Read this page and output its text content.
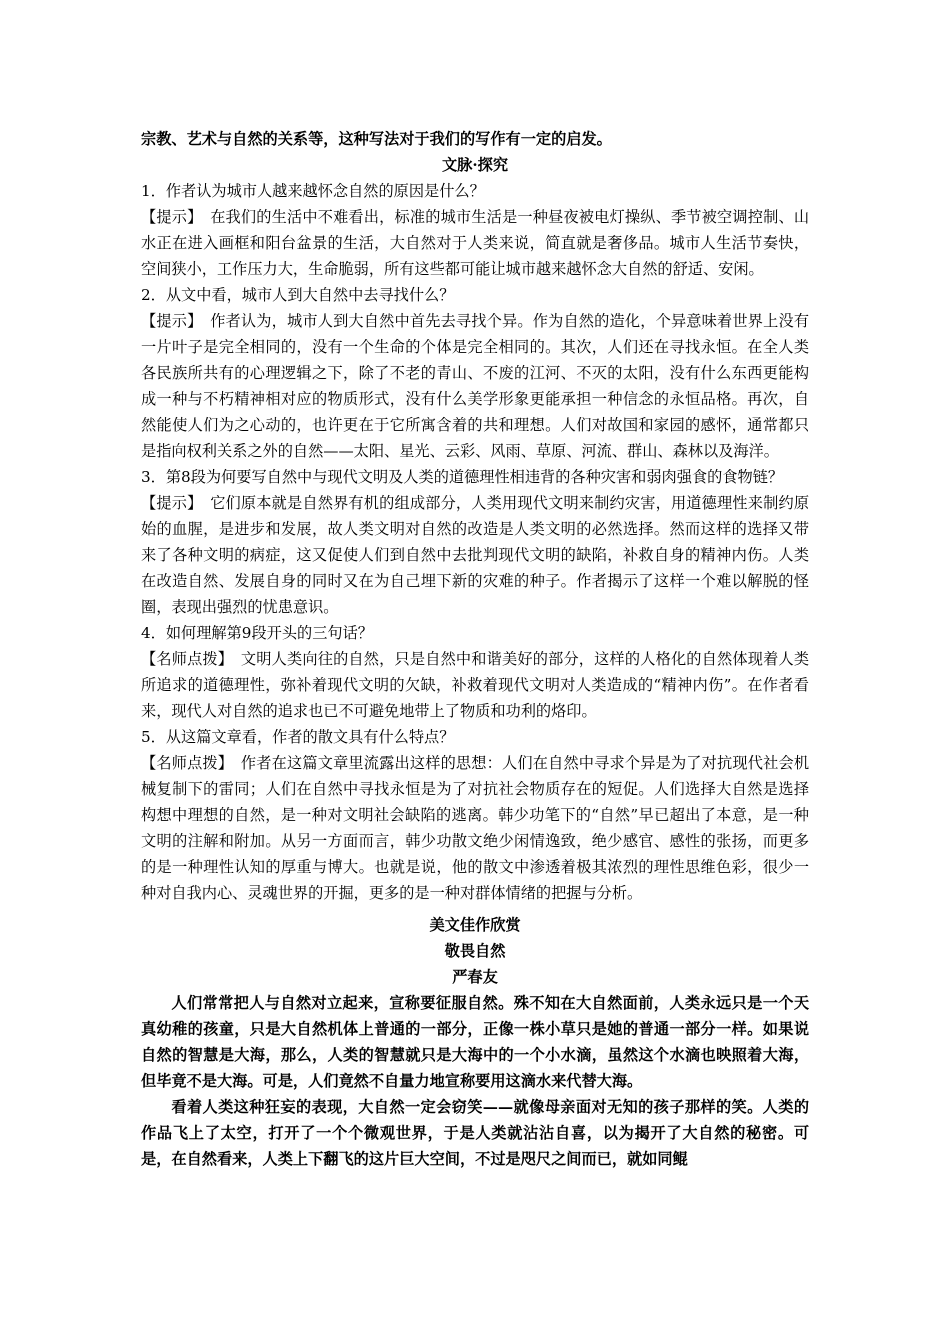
宗教、艺术与自然的关系等，这种写法对于我们的写作有一定的启发。

文脉·探究

1．作者认为城市人越来越怀念自然的原因是什么？

【提示】　在我们的生活中不难看出，标准的城市生活是一种昼夜被电灯操纵、季节被空调控制、山水正在进入画框和阳台盆景的生活，大自然对于人类来说，简直就是奢侈品。城市人生活节奏快，空间狭小，工作压力大，生命脆弱，所有这些都可能让城市越来越怀念大自然的舒适、安闲。

2．从文中看，城市人到大自然中去寻找什么？

【提示】　作者认为，城市人到大自然中首先去寻找个异。作为自然的造化，个异意味着世界上没有一片叶子是完全相同的，没有一个生命的个体是完全相同的。其次，人们还在寻找永恒。在全人类各民族所共有的心理逻辑之下，除了不老的青山、不废的江河、不灭的太阳，没有什么东西更能构成一种与不朽精神相对应的物质形式，没有什么美学形象更能承担一种信念的永恒品格。再次，自然能使人们为之心动的，也许更在于它所寓含着的共和理想。人们对故国和家园的感怀，通常都只是指向权利关系之外的自然——太阳、星光、云彩、风雨、草原、河流、群山、森林以及海洋。

3．第8段为何要写自然中与现代文明及人类的道德理性相违背的各种灾害和弱肉强食的食物链？

【提示】　它们原本就是自然界有机的组成部分，人类用现代文明来制约灾害，用道德理性来制约原始的血腥，是进步和发展，故人类文明对自然的改造是人类文明的必然选择。然而这样的选择又带来了各种文明的病症，这又促使人们到自然中去批判现代文明的缺陷，补救自身的精神内伤。人类在改造自然、发展自身的同时又在为自己埋下新的灾难的种子。作者揭示了这样一个难以解脱的怪圈，表现出强烈的忧患意识。

4．如何理解第9段开头的三句话？

【名师点拨】　文明人类向往的自然，只是自然中和谐美好的部分，这样的人格化的自然体现着人类所追求的道德理性，弥补着现代文明的欠缺，补救着现代文明对人类造成的“精神内伤”。在作者看来，现代人对自然的追求也已不可避免地带上了物质和功利的烙印。

5．从这篇文章看，作者的散文具有什么特点？

【名师点拨】　作者在这篇文章里流露出这样的思想：人们在自然中寻求个异是为了对抗现代社会机械复制下的雷同；人们在自然中寻找永恒是为了对抗社会物质存在的短促。人们选择大自然是选择构想中理想的自然，是一种对文明社会缺陷的逃离。韩少功笔下的“自然”早已超出了本意，是一种文明的注解和附加。从另一方面而言，韩少功散文绝少闲情逸致，绝少感官、感性的张扬，而更多的是一种理性认知的厚重与博大。也就是说，他的散文中渗透着极其浓烈的理性思维色彩，很少一种对自我内心、灵魂世界的开掘，更多的是一种对群体情绪的把握与分析。

美文佳作欣赏

敬畏自然

严春友

人们常常把人与自然对立起来，宣称要征服自然。殊不知在大自然面前，人类永远只是一个天真幼稚的孩童，只是大自然机体上普通的一部分，正像一株小草只是她的普通一部分一样。如果说自然的智慧是大海，那么，人类的智慧就只是大海中的一个小水滴，虽然这个水滴也映照着大海，但毕竟不是大海。可是，人们竟然不自量力地宣称要用这滴水来代替大海。

看着人类这种狂妄的表现，大自然一定会窃笑——就像母亲面对无知的孩子那样的笑。人类的作品飞上了太空，打开了一个个微观世界，于是人类就沾沾自喜，以为揭开了大自然的秘密。可是，在自然看来，人类上下翻飞的这片巨大空间，不过是咫尺之间而已，就如同鲲
